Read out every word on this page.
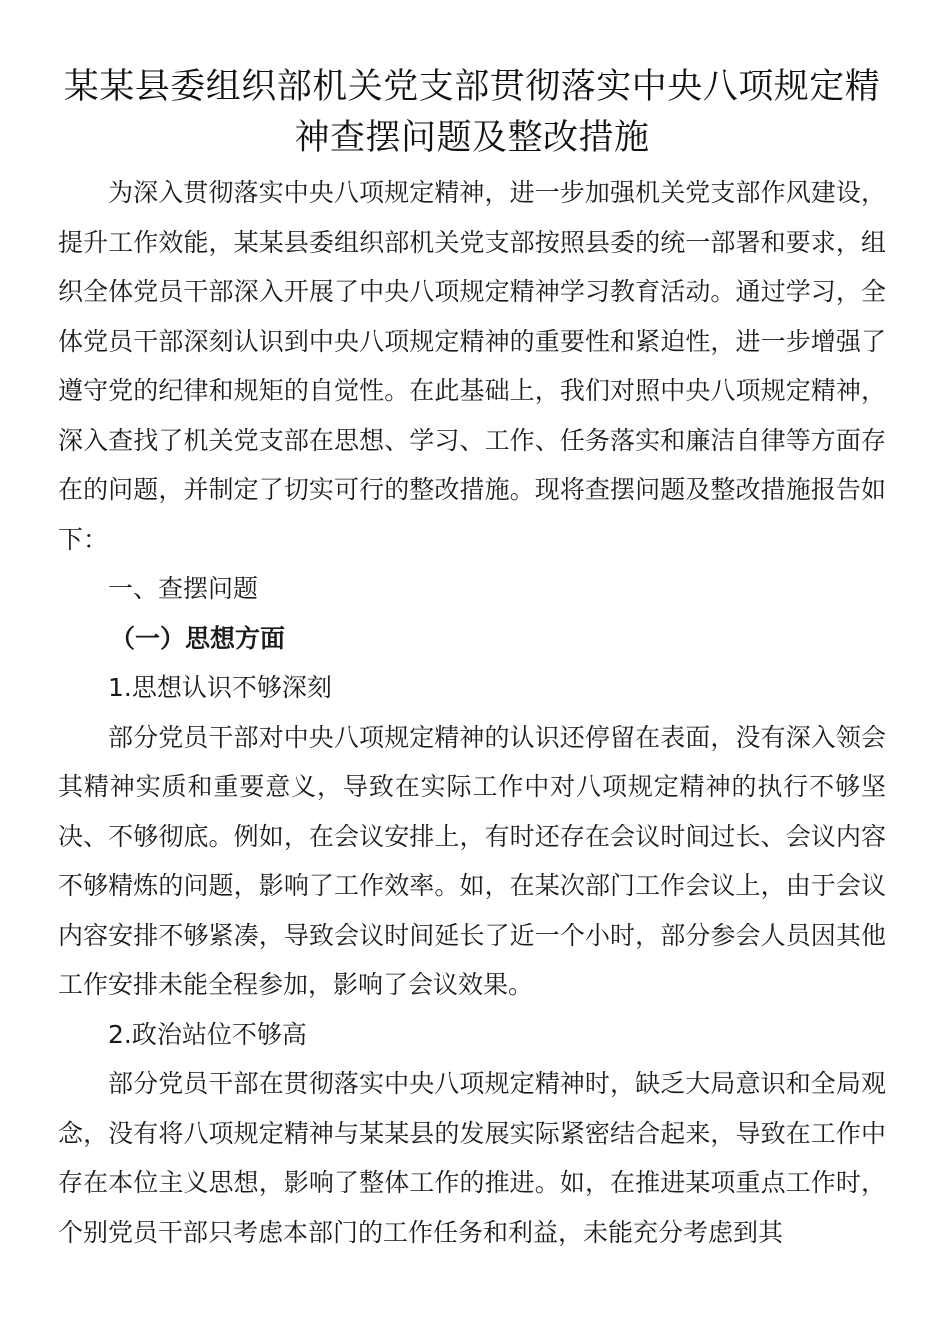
某某县委组织部机关党支部贯彻落实中央八项规定精神查摆问题及整改措施

为深入贯彻落实中央八项规定精神，进一步加强机关党支部作风建设，提升工作效能，某某县委组织部机关党支部按照县委的统一部署和要求，组织全体党员干部深入开展了中央八项规定精神学习教育活动。通过学习，全体党员干部深刻认识到中央八项规定精神的重要性和紧迫性，进一步增强了遵守党的纪律和规矩的自觉性。在此基础上，我们对照中央八项规定精神，深入查找了机关党支部在思想、学习、工作、任务落实和廉洁自律等方面存在的问题，并制定了切实可行的整改措施。现将查摆问题及整改措施报告如下：

一、查摆问题

（一）思想方面

1.思想认识不够深刻

部分党员干部对中央八项规定精神的认识还停留在表面，没有深入领会其精神实质和重要意义，导致在实际工作中对八项规定精神的执行不够坚决、不够彻底。例如，在会议安排上，有时还存在会议时间过长、会议内容不够精炼的问题，影响了工作效率。如，在某次部门工作会议上，由于会议内容安排不够紧凑，导致会议时间延长了近一个小时，部分参会人员因其他工作安排未能全程参加，影响了会议效果。

2.政治站位不够高

部分党员干部在贯彻落实中央八项规定精神时，缺乏大局意识和全局观念，没有将八项规定精神与某某县的发展实际紧密结合起来，导致在工作中存在本位主义思想，影响了整体工作的推进。如，在推进某项重点工作时，个别党员干部只考虑本部门的工作任务和利益，未能充分考虑到其
